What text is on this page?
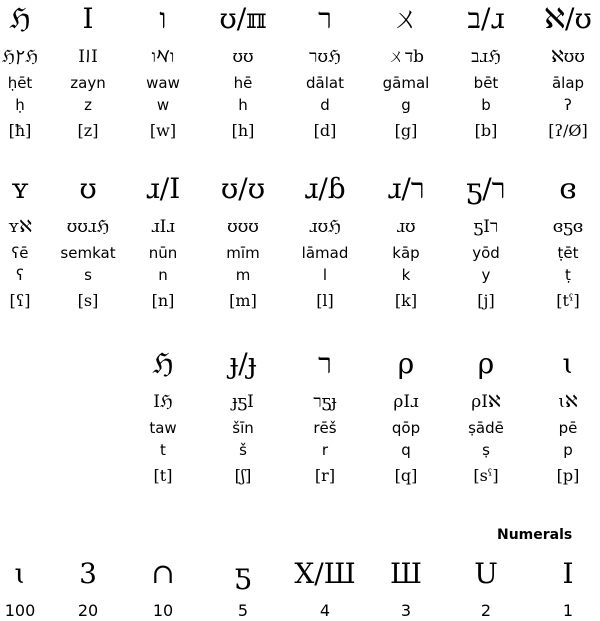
ℌ
ℌ𐡑ℌ
ḥēt
ḥ
[ħ]
I
I𐡆I
zayn
z
[z]
ו
ו𐡀ו
waw
w
[w]
ʊ/ℼ
ʊʊ
hē
h
[h]
ר
רʊℌ
dālat
d
[d]
ㄨ
ㄨדb
gāmal
g
[g]
ב/ɹ
בɹℌ
bēt
b
[b]
ℵ/ʊ
ℵʊʊ
ālap
ʔ
[ʔ/Ø]
ʏ
ʏℵ
ʕē
ʕ
[ʕ]
ʊ
ʊʊɹℌ
semkat
s
[s]
ɹ/I
ɹIɹ
nūn
n
[n]
ʊ/ʊ
ʊʊʊ
mīm
m
[m]
ɹ/ɓ
ɹʊℌ
lāmad
l
[l]
ɹ/ר
ɹʊ
kāp
k
[k]
ƽ/ר
ƽIר
yōd
y
[j]
ɞ
ɞƽɞ
ṭēt
ṭ
[tˁ]
ℌ
Iℌ
taw
t
[t]
ɟ/ɟ
ɟƽI
šīn
š
[ʃ]
ר
רƽɟ
rēš
r
[r]
ρ
ρIɹ
qōp
q
[q]
ρ
ρIℵ
ṣādē
ṣ
[sˁ]
ɩ
ɩℵ
pē
p
[p]
ɩ
100
3
20
∩
10
ƽ
5
X/Ш
4
Ш
3
U
2
I
1
Numerals
